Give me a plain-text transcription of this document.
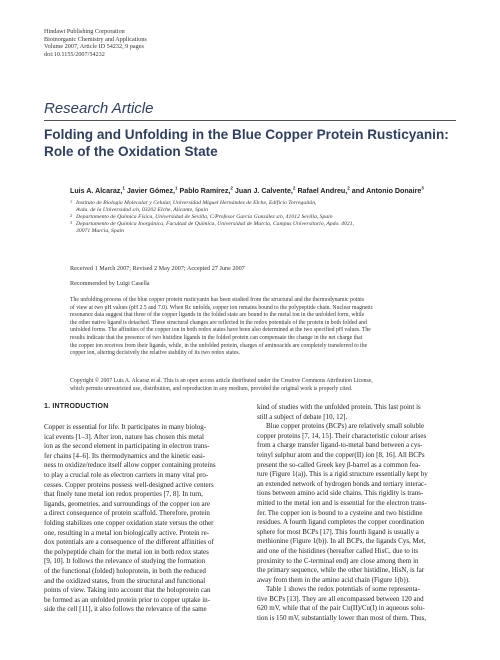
Hindawi Publishing Corporation
Bioinorganic Chemistry and Applications
Volume 2007, Article ID 54232, 9 pages
doi:10.1155/2007/54232
Research Article
Folding and Unfolding in the Blue Copper Protein Rusticyanin:
Role of the Oxidation State
Luis A. Alcaraz,$^1$ Javier Gómez,$^1$ Pablo Ramírez,$^2$ Juan J. Calvente,$^2$ Rafael Andreu,$^2$ and Antonio Donaire$^3$
1 Instituto de Biología Molecular y Celular, Universidad Miguel Hernández de Elche, Edificio Torregaitán,
Avda. de la Universidad s/n, 03202 Elche, Alicante, Spain
2 Departamento de Química Física, Universidad de Sevilla, C/Profesor García González s/n, 41012 Sevilla, Spain
3 Departamento de Química Inorgánica, Facultad de Química, Universidad de Murcia, Campus Universitario, Apdo. 4021,
30071 Murcia, Spain
Received 1 March 2007; Revised 2 May 2007; Accepted 27 June 2007
Recommended by Luigi Casella
The unfolding process of the blue copper protein rusticyanin has been studied from the structural and the thermodynamic points
of view at two pH values (pH 2.5 and 7.0). When Rc unfolds, copper ion remains bound to the polypeptide chain. Nuclear magnetic
resonance data suggest that three of the copper ligands in the folded state are bound to the metal ion in the unfolded form, while
the other native ligand is detached. These structural changes are reflected in the redox potentials of the protein in both folded and
unfolded forms. The affinities of the copper ion in both redox states have been also determined at the two specified pH values. The
results indicate that the presence of two histidine ligands in the folded protein can compensate the change in the net charge that
the copper ion receives from their ligands, while, in the unfolded protein, charges of aminoacids are completely transferred to the
copper ion, altering decisively the relative stability of its two redox states.
Copyright © 2007 Luis A. Alcaraz et al. This is an open access article distributed under the Creative Commons Attribution License,
which permits unrestricted use, distribution, and reproduction in any medium, provided the original work is properly cited.
1. INTRODUCTION
Copper is essential for life. It participates in many biolog-
ical events [1–3]. After iron, nature has chosen this metal
ion as the second element in participating in electron trans-
fer chains [4–6]. Its thermodynamics and the kinetic easi-
ness to oxidize/reduce itself allow copper containing proteins
to play a crucial role as electron carriers in many vital pro-
cesses. Copper proteins possess well-designed active centers
that finely tune metal ion redox properties [7, 8]. In turn,
ligands, geometries, and surroundings of the copper ion are
a direct consequence of protein scaffold. Therefore, protein
folding stabilizes one copper oxidation state versus the other
one, resulting in a metal ion biologically active. Protein re-
dox potentials are a consequence of the different affinities of
the polypeptide chain for the metal ion in both redox states
[9, 10]. It follows the relevance of studying the formation
of the functional (folded) holoprotein, in both the reduced
and the oxidized states, from the structural and functional
points of view. Taking into account that the holoprotein can
be formed as an unfolded protein prior to copper uptake in-
side the cell [11], it also follows the relevance of the same
kind of studies with the unfolded protein. This last point is
still a subject of debate [10, 12].
Blue copper proteins (BCPs) are relatively small soluble
copper proteins [7, 14, 15]. Their characteristic colour arises
from a charge transfer ligand-to-metal band between a cys-
teinyl sulphur atom and the copper(II) ion [8, 16]. All BCPs
present the so-called Greek key β-barrel as a common fea-
ture (Figure 1(a)). This is a rigid structure essentially kept by
an extended network of hydrogen bonds and tertiary interac-
tions between amino acid side chains. This rigidity is trans-
mitted to the metal ion and is essential for the electron trans-
fer. The copper ion is bound to a cysteine and two histidine
residues. A fourth ligand completes the copper coordination
sphere for most BCPs [17]. This fourth ligand is usually a
methionine (Figure 1(b)). In all BCPs, the ligands Cys, Met,
and one of the histidines (hereafter called HisC, due to its
proximity to the C-terminal end) are close among them in
the primary sequence, while the other histidine, HisN, is far
away from them in the amino acid chain (Figure 1(b)).
Table 1 shows the redox potentials of some representa-
tive BCPs [13]. They are all encompassed between 120 and
620 mV, while that of the pair Cu(II)/Cu(I) in aqueous solu-
tion is 150 mV, substantially lower than most of them. Thus,
